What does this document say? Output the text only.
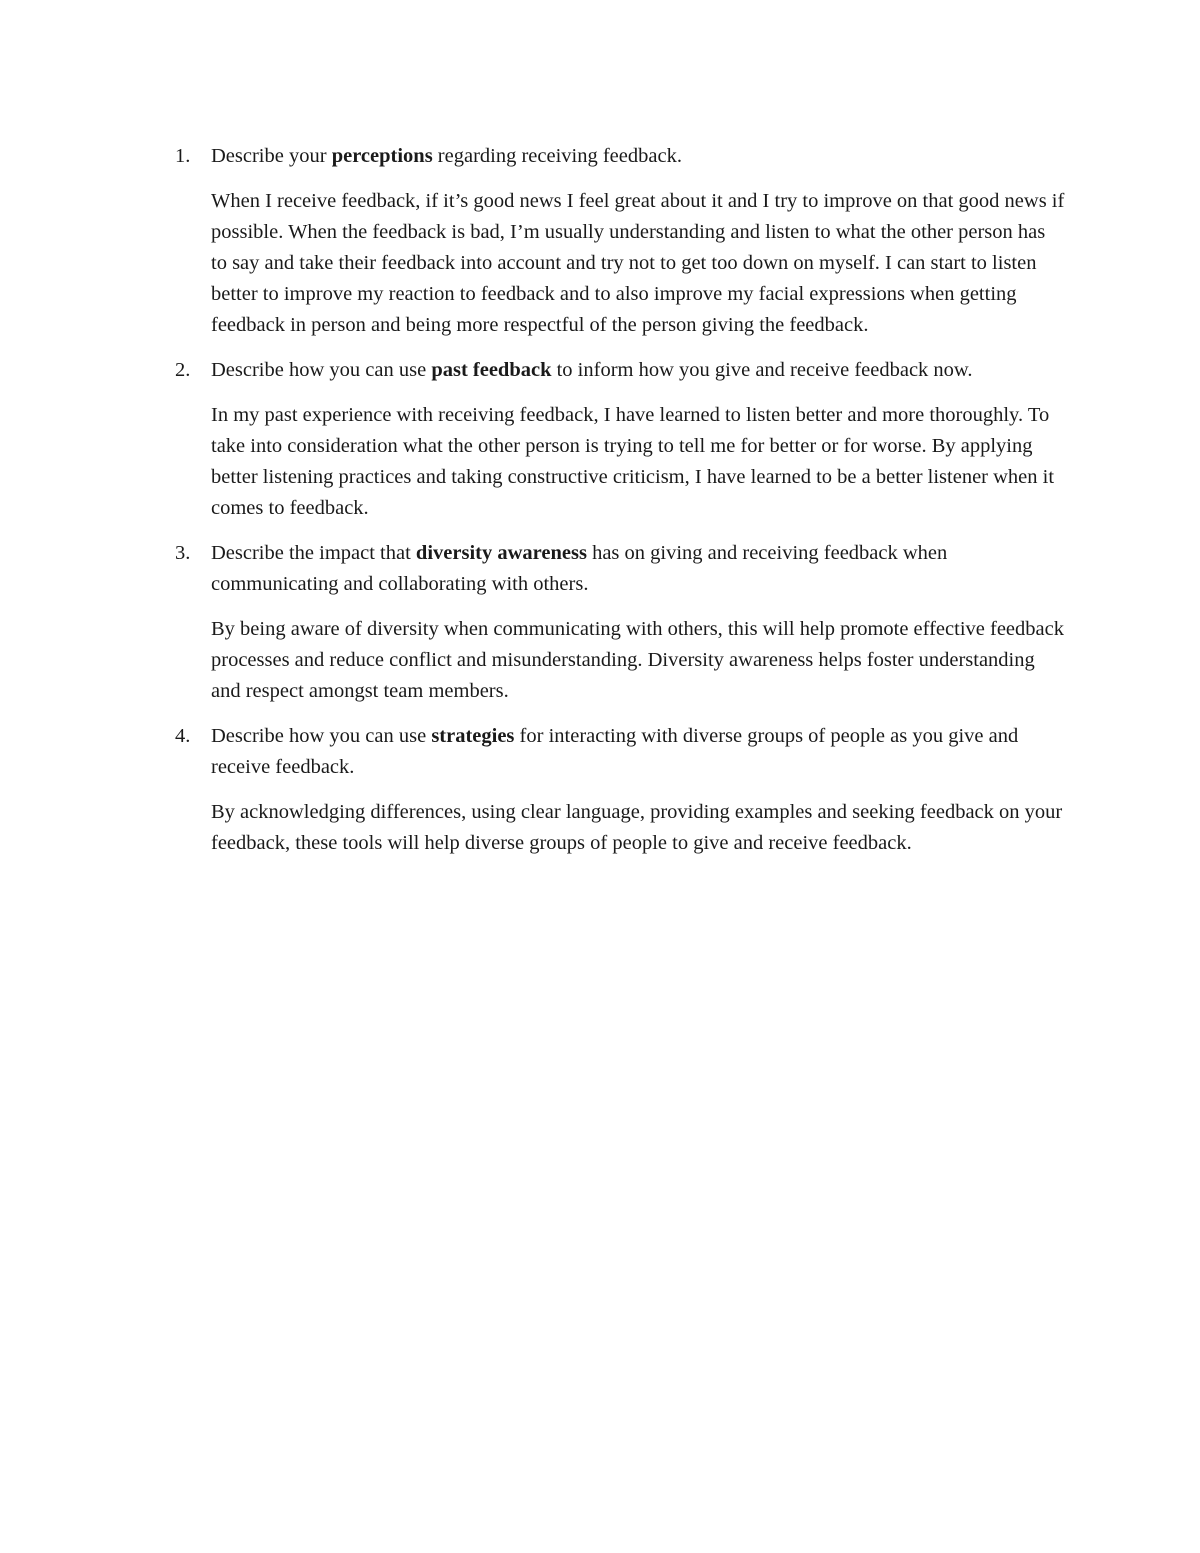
1. Describe your perceptions regarding receiving feedback.

When I receive feedback, if it’s good news I feel great about it and I try to improve on that good news if possible. When the feedback is bad, I’m usually understanding and listen to what the other person has to say and take their feedback into account and try not to get too down on myself. I can start to listen better to improve my reaction to feedback and to also improve my facial expressions when getting feedback in person and being more respectful of the person giving the feedback.

2. Describe how you can use past feedback to inform how you give and receive feedback now.

In my past experience with receiving feedback, I have learned to listen better and more thoroughly. To take into consideration what the other person is trying to tell me for better or for worse. By applying better listening practices and taking constructive criticism, I have learned to be a better listener when it comes to feedback.

3. Describe the impact that diversity awareness has on giving and receiving feedback when communicating and collaborating with others.

By being aware of diversity when communicating with others, this will help promote effective feedback processes and reduce conflict and misunderstanding. Diversity awareness helps foster understanding and respect amongst team members.

4. Describe how you can use strategies for interacting with diverse groups of people as you give and receive feedback.

By acknowledging differences, using clear language, providing examples and seeking feedback on your feedback, these tools will help diverse groups of people to give and receive feedback.
